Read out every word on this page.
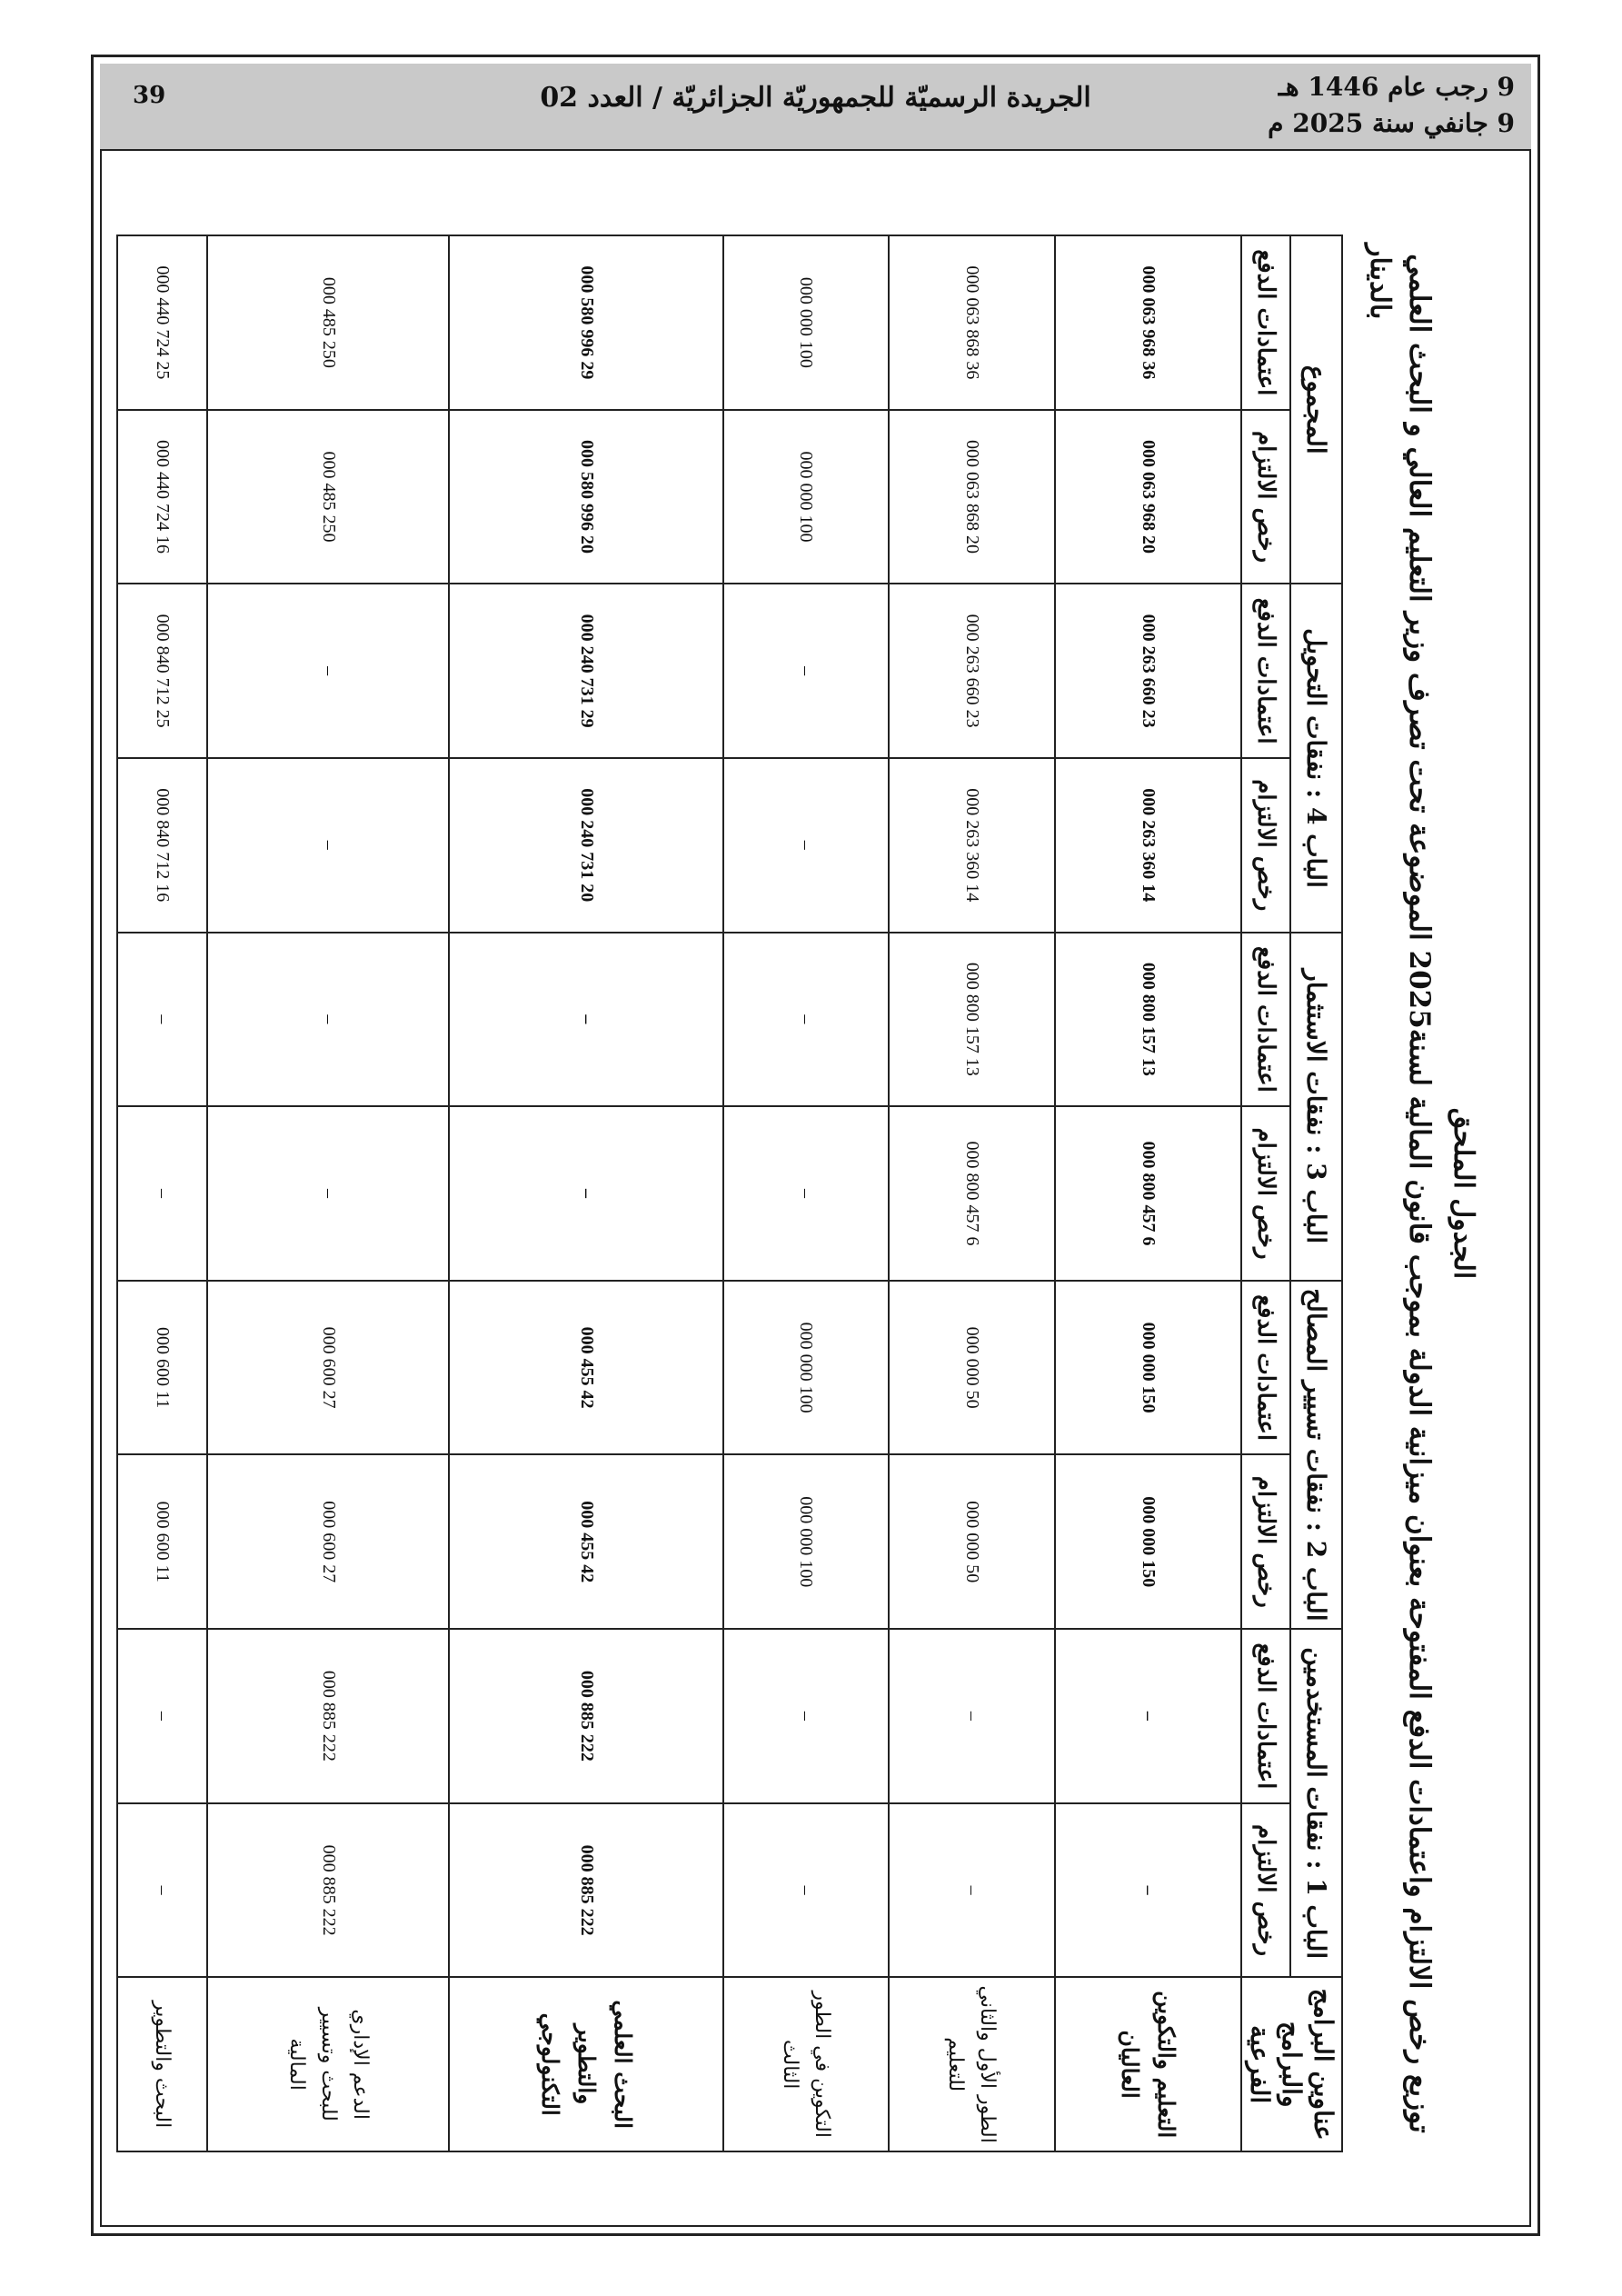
39	الجريدة الرسميّة للجمهوريّة الجزائريّة / العدد 02	9 رجب عام 1446 هـ
9 جانفي سنة 2025 م
الجدول الملحق
توزيع رخص الالتزام واعتمادات الدفع المفتوحة بعنوان ميزانية الدولة بموجب قانون المالية لسنة2025 الموضوعة تحت تصرف وزير التعليم العالي و البحث العلمي
بالدينار
عناوين البرامج والبرامج الفرعية	الباب 1 : نفقات المستخدمين		الباب 2 : نفقات تسيير المصالح		الباب 3 : نفقات الاستثمار		الباب 4 : نفقات التحويل		المجموع	
	رخص الالتزام	اعتمادات الدفع	رخص الالتزام	اعتمادات الدفع	رخص الالتزام	اعتمادات الدفع	رخص الالتزام	اعتمادات الدفع	رخص الالتزام	اعتمادات الدفع
التعليم والتكوين العاليان	–	–	150 000 000	150 000 000	6 457 800 000	13 157 800 000	14 360 263 000	23 660 263 000	20 968 063 000	36 968 063 000
الطور الأول والثاني للتعليم	–	–	50 000 000	50 000 000	6 457 800 000	13 157 800 000	14 360 263 000	23 660 263 000	20 868 063 000	36 868 063 000
التكوين في الطور الثالث	–	–	100 000 000	100 000 000	–	–	–	–	100 000 000	100 000 000
البحث العلمي والتطوير التكنولوجي	222 885 000	222 885 000	42 455 000	42 455 000	–	–	20 731 240 000	29 731 240 000	20 996 580 000	29 996 580 000
الدعم الإداري للبحث وتسيير المالية	222 885 000	222 885 000	27 600 000	27 600 000	–	–	–	–	250 485 000	250 485 000
البحث والتطوير	–	–	11 600 000	11 600 000	–	–	16 712 840 000	25 712 840 000	16 724 440 000	25 724 440 000
